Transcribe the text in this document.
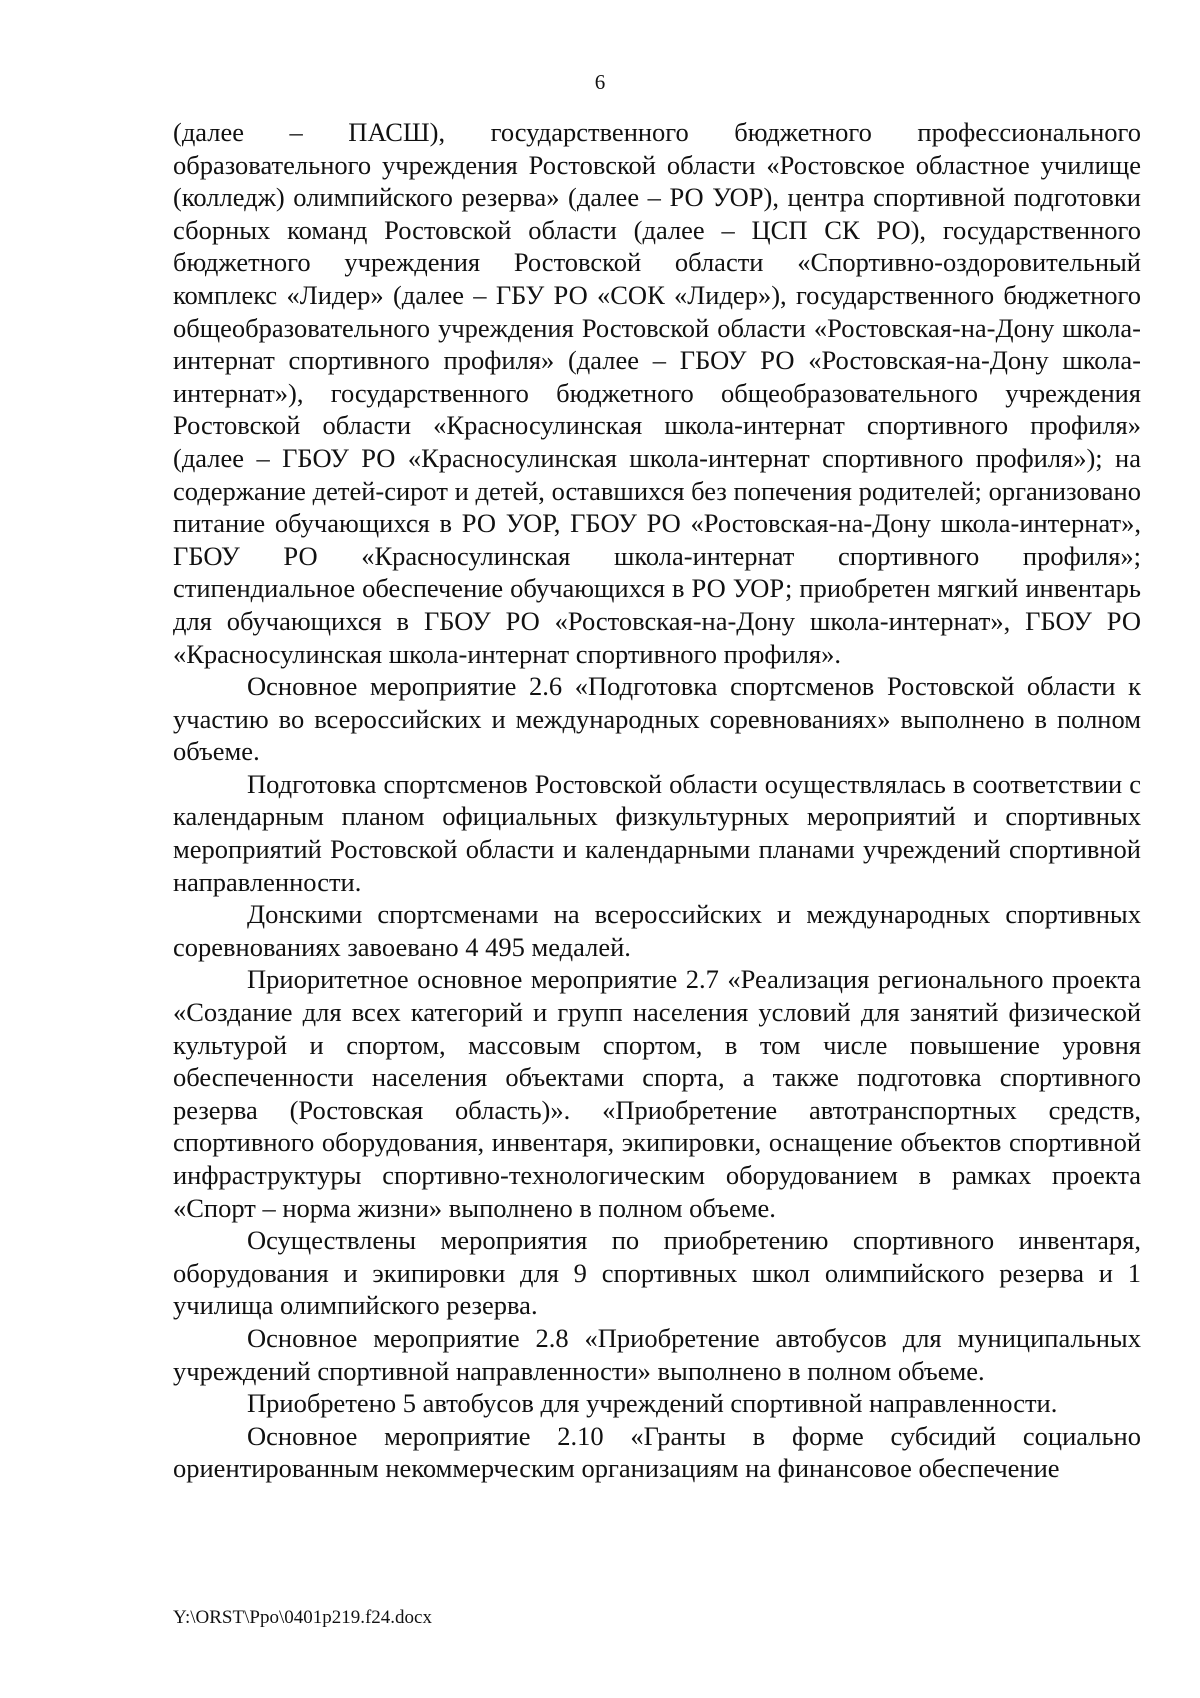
6

(далее – ПАСШ), государственного бюджетного профессионального образовательного учреждения Ростовской области «Ростовское областное училище (колледж) олимпийского резерва» (далее – РО УОР), центра спортивной подготовки сборных команд Ростовской области (далее – ЦСП СК РО), государственного бюджетного учреждения Ростовской области «Спортивно-оздоровительный комплекс «Лидер» (далее – ГБУ РО «СОК «Лидер»), государственного бюджетного общеобразовательного учреждения Ростовской области «Ростовская-на-Дону школа-интернат спортивного профиля» (далее – ГБОУ РО «Ростовская-на-Дону школа-интернат»), государственного бюджетного общеобразовательного учреждения Ростовской области «Красносулинская школа-интернат спортивного профиля» (далее – ГБОУ РО «Красносулинская школа-интернат спортивного профиля»); на содержание детей-сирот и детей, оставшихся без попечения родителей; организовано питание обучающихся в РО УОР, ГБОУ РО «Ростовская-на-Дону школа-интернат», ГБОУ РО «Красносулинская школа-интернат спортивного профиля»; стипендиальное обеспечение обучающихся в РО УОР; приобретен мягкий инвентарь для обучающихся в ГБОУ РО «Ростовская-на-Дону школа-интернат», ГБОУ РО «Красносулинская школа-интернат спортивного профиля».

Основное мероприятие 2.6 «Подготовка спортсменов Ростовской области к участию во всероссийских и международных соревнованиях» выполнено в полном объеме.

Подготовка спортсменов Ростовской области осуществлялась в соответствии с календарным планом официальных физкультурных мероприятий и спортивных мероприятий Ростовской области и календарными планами учреждений спортивной направленности.

Донскими спортсменами на всероссийских и международных спортивных соревнованиях завоевано 4 495 медалей.

Приоритетное основное мероприятие 2.7 «Реализация регионального проекта «Создание для всех категорий и групп населения условий для занятий физической культурой и спортом, массовым спортом, в том числе повышение уровня обеспеченности населения объектами спорта, а также подготовка спортивного резерва (Ростовская область)». «Приобретение автотранспортных средств, спортивного оборудования, инвентаря, экипировки, оснащение объектов спортивной инфраструктуры спортивно-технологическим оборудованием в рамках проекта «Спорт – норма жизни» выполнено в полном объеме.

Осуществлены мероприятия по приобретению спортивного инвентаря, оборудования и экипировки для 9 спортивных школ олимпийского резерва и 1 училища олимпийского резерва.

Основное мероприятие 2.8 «Приобретение автобусов для муниципальных учреждений спортивной направленности» выполнено в полном объеме.

Приобретено 5 автобусов для учреждений спортивной направленности.

Основное мероприятие 2.10 «Гранты в форме субсидий социально ориентированным некоммерческим организациям на финансовое обеспечение

Y:\ORST\Ppo\0401p219.f24.docx
